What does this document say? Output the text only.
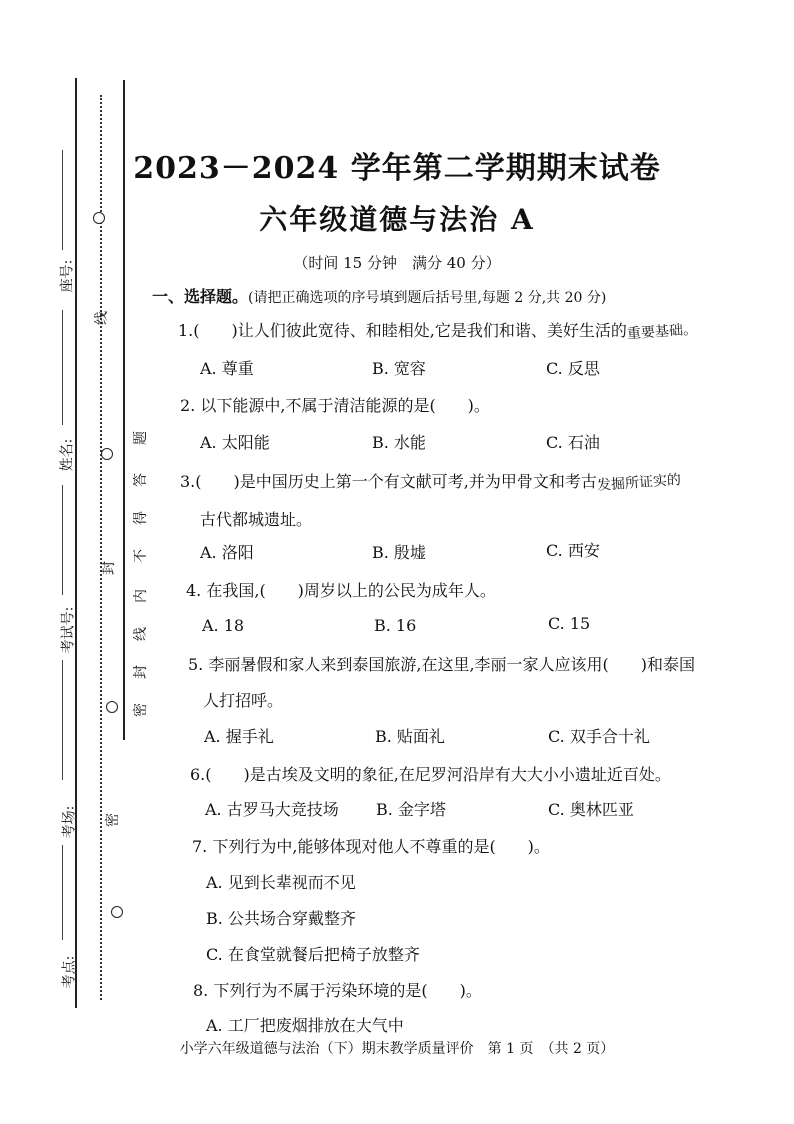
座号:
姓名:
考试号:
考场:
考点:
线
封
密
密
封
线
内
不
得
答
题
2023－2024 学年第二学期期末试卷
六年级道德与法治 A
（时间 15 分钟　满分 40 分）
一、选择题。(请把正确选项的序号填到题后括号里,每题 2 分,共 20 分)
1.(　　)让人们彼此宽待、和睦相处,它是我们和谐、美好生活的重要基础。
A. 尊重	B. 宽容	C. 反思
2. 以下能源中,不属于清洁能源的是(　　)。
A. 太阳能	B. 水能	C. 石油
3.(　　)是中国历史上第一个有文献可考,并为甲骨文和考古发掘所证实的
古代都城遗址。
A. 洛阳	B. 殷墟	C. 西安
4. 在我国,(　　)周岁以上的公民为成年人。
A. 18	B. 16	C. 15
5. 李丽暑假和家人来到泰国旅游,在这里,李丽一家人应该用(　　)和泰国
人打招呼。
A. 握手礼	B. 贴面礼	C. 双手合十礼
6.(　　)是古埃及文明的象征,在尼罗河沿岸有大大小小遗址近百处。
A. 古罗马大竞技场 B. 金字塔	C. 奥林匹亚
7. 下列行为中,能够体现对他人不尊重的是(　　)。
A. 见到长辈视而不见
B. 公共场合穿戴整齐
C. 在食堂就餐后把椅子放整齐
8. 下列行为不属于污染环境的是(　　)。
A. 工厂把废烟排放在大气中
小学六年级道德与法治（下）期末教学质量评价　第 1 页　（共 2 页）
